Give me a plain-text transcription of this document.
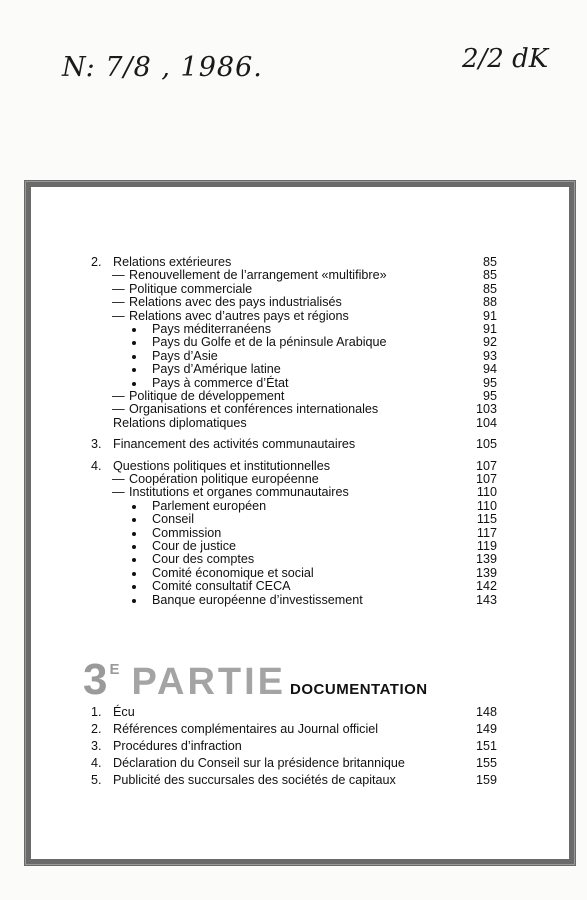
N: 7/8 , 1986.	2/2 dK
2. Relations extérieures	85
— Renouvellement de l’arrangement «multifibre»	85
— Politique commerciale	85
— Relations avec des pays industrialisés	88
— Relations avec d’autres pays et régions	91
Pays méditerranéens	91
Pays du Golfe et de la péninsule Arabique	92
Pays d’Asie	93
Pays d’Amérique latine	94
Pays à commerce d’État	95
— Politique de développement	95
— Organisations et conférences internationales	103
Relations diplomatiques	104
3. Financement des activités communautaires	105
4. Questions politiques et institutionnelles	107
— Coopération politique européenne	107
— Institutions et organes communautaires	110
Parlement européen	110
Conseil	115
Commission	117
Cour de justice	119
Cour des comptes	139
Comité économique et social	139
Comité consultatif CECA	142
Banque européenne d’investissement	143
3E PARTIE DOCUMENTATION
1. Écu	148
2. Références complémentaires au Journal officiel	149
3. Procédures d’infraction	151
4. Déclaration du Conseil sur la présidence britannique	155
5. Publicité des succursales des sociétés de capitaux	159
